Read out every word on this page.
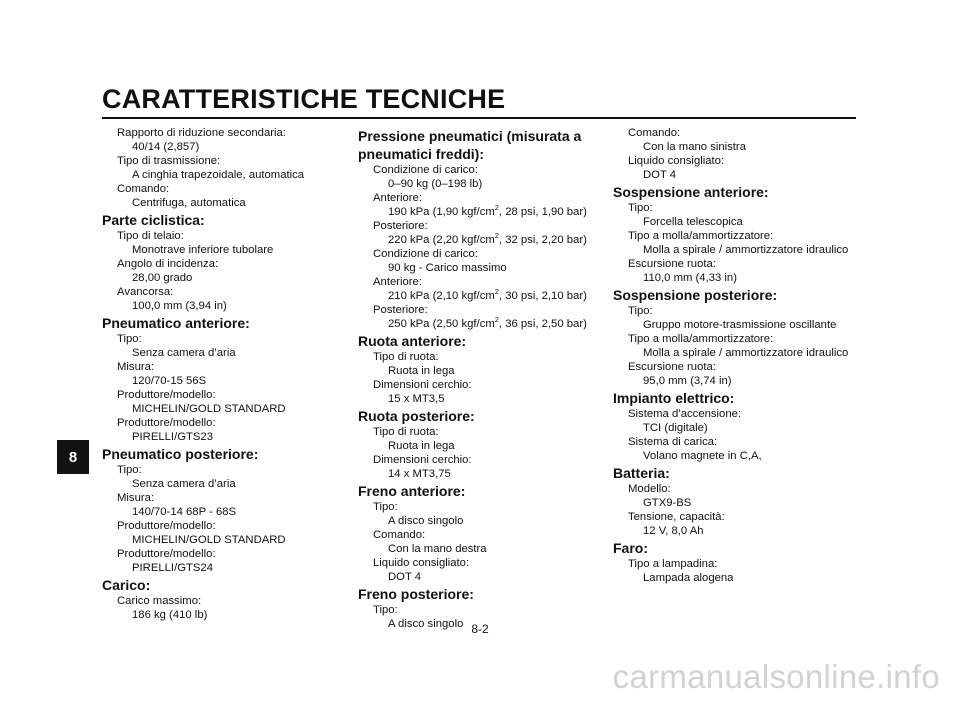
CARATTERISTICHE TECNICHE
Rapporto di riduzione secondaria:
40/14 (2,857)
Tipo di trasmissione:
A cinghia trapezoidale, automatica
Comando:
Centrifuga, automatica
Parte ciclistica:
Tipo di telaio:
Monotrave inferiore tubolare
Angolo di incidenza:
28,00 grado
Avancorsa:
100,0 mm (3,94 in)
Pneumatico anteriore:
Tipo:
Senza camera d’aria
Misura:
120/70-15 56S
Produttore/modello:
MICHELIN/GOLD STANDARD
Produttore/modello:
PIRELLI/GTS23
Pneumatico posteriore:
Tipo:
Senza camera d’aria
Misura:
140/70-14 68P - 68S
Produttore/modello:
MICHELIN/GOLD STANDARD
Produttore/modello:
PIRELLI/GTS24
Carico:
Carico massimo:
186 kg (410 lb)
Pressione pneumatici (misurata a pneumatici freddi):
Condizione di carico:
0–90 kg (0–198 lb)
Anteriore:
190 kPa (1,90 kgf/$cm^2$, 28 psi, 1,90 bar)
Posteriore:
220 kPa (2,20 kgf/$cm^2$, 32 psi, 2,20 bar)
Condizione di carico:
90 kg - Carico massimo
Anteriore:
210 kPa (2,10 kgf/$cm^2$, 30 psi, 2,10 bar)
Posteriore:
250 kPa (2,50 kgf/$cm^2$, 36 psi, 2,50 bar)
Ruota anteriore:
Tipo di ruota:
Ruota in lega
Dimensioni cerchio:
15 x MT3,5
Ruota posteriore:
Tipo di ruota:
Ruota in lega
Dimensioni cerchio:
14 x MT3,75
Freno anteriore:
Tipo:
A disco singolo
Comando:
Con la mano destra
Liquido consigliato:
DOT 4
Freno posteriore:
Tipo:
A disco singolo
Comando:
Con la mano sinistra
Liquido consigliato:
DOT 4
Sospensione anteriore:
Tipo:
Forcella telescopica
Tipo a molla/ammortizzatore:
Molla a spirale / ammortizzatore idraulico
Escursione ruota:
110,0 mm (4,33 in)
Sospensione posteriore:
Tipo:
Gruppo motore-trasmissione oscillante
Tipo a molla/ammortizzatore:
Molla a spirale / ammortizzatore idraulico
Escursione ruota:
95,0 mm (3,74 in)
Impianto elettrico:
Sistema d’accensione:
TCI (digitale)
Sistema di carica:
Volano magnete in C,A,
Batteria:
Modello:
GTX9-BS
Tensione, capacità:
12 V, 8,0 Ah
Faro:
Tipo a lampadina:
Lampada alogena
8
8-2
carmanualsonline.info
